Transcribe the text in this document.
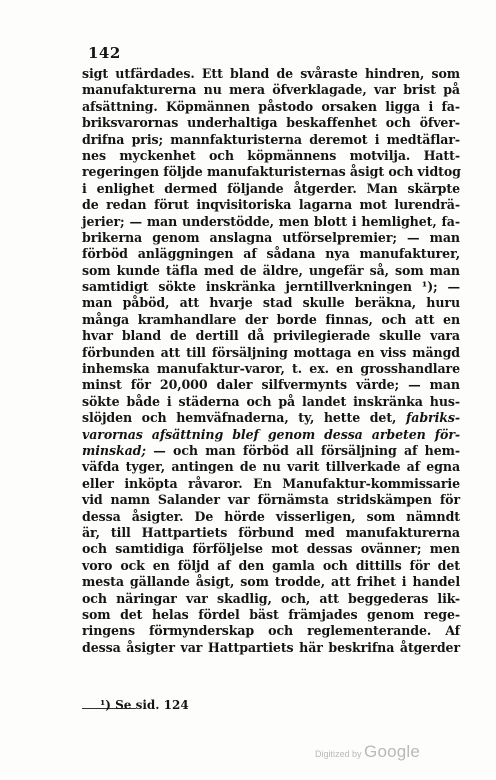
142
sigt utfärdades. Ett bland de svåraste hindren, som
manufakturerna nu mera öfverklagade, var brist på
afsättning. Köpmännen påstodo orsaken ligga i fa-
briksvarornas underhaltiga beskaffenhet och öfver-
drifna pris; mannfakturisterna deremot i medtäflar-
nes myckenhet och köpmännens motvilja. Hatt-
regeringen följde manufakturisternas åsigt och vidtog
i enlighet dermed följande åtgerder. Man skärpte
de redan förut inqvisitoriska lagarna mot lurendrä-
jerier; — man understödde, men blott i hemlighet, fa-
brikerna genom anslagna utförselpremier; — man
förböd anläggningen af sådana nya manufakturer,
som kunde täfla med de äldre, ungefär så, som man
samtidigt sökte inskränka jerntillverkningen ¹); —
man påböd, att hvarje stad skulle beräkna, huru
många kramhandlare der borde finnas, och att en
hvar bland de dertill då privilegierade skulle vara
förbunden att till försäljning mottaga en viss mängd
inhemska manufaktur-varor, t. ex. en grosshandlare
minst för 20,000 daler silfvermynts värde; — man
sökte både i städerna och på landet inskränka hus-
slöjden och hemväfnaderna, ty, hette det, fabriks-
varornas afsättning blef genom dessa arbeten för-
minskad; — och man förböd all försäljning af hem-
väfda tyger, antingen de nu varit tillverkade af egna
eller inköpta råvaror. En Manufaktur-kommissarie
vid namn Salander var förnämsta stridskämpen för
dessa åsigter. De hörde visserligen, som nämndt
är, till Hattpartiets förbund med manufakturerna
och samtidiga förföljelse mot dessas ovänner; men
voro ock en följd af den gamla och dittills för det
mesta gällande åsigt, som trodde, att frihet i handel
och näringar var skadlig, och, att beggederas lik-
som det helas fördel bäst främjades genom rege-
ringens förmynderskap och reglementerande. Af
dessa åsigter var Hattpartiets här beskrifna åtgerder
¹) Se sid. 124
Digitized by Google
